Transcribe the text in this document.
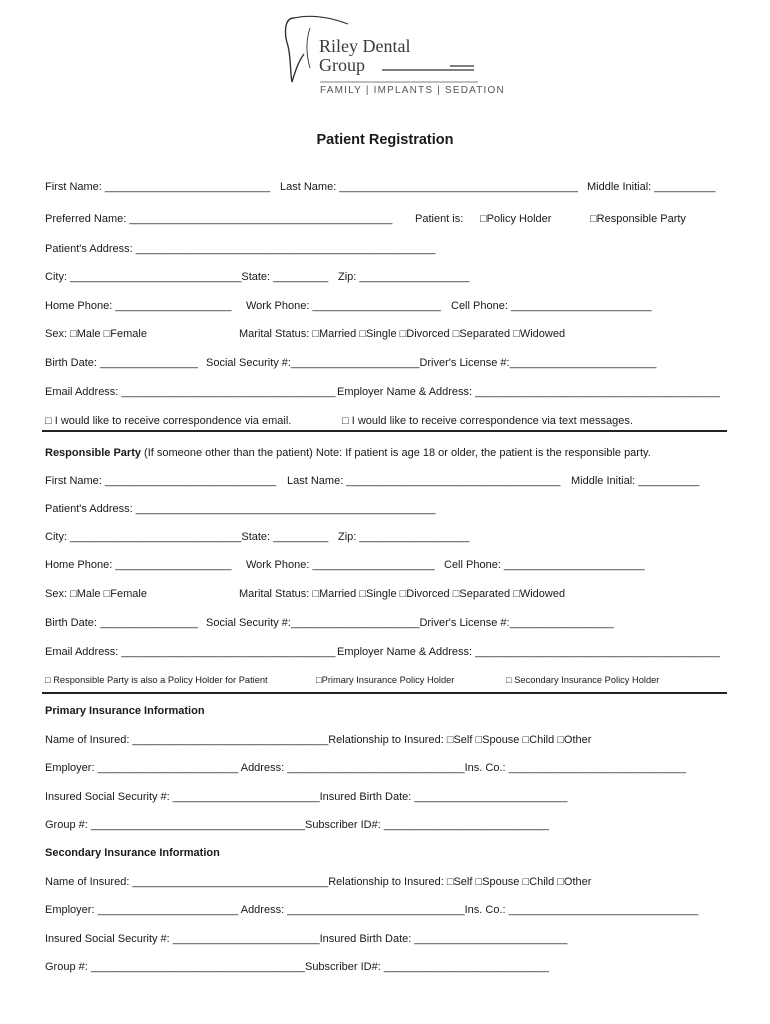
Riley Dental
Group
FAMILY | IMPLANTS | SEDATION
Patient Registration
First Name: ___________________________ Last Name: _______________________________________ Middle Initial: __________
Preferred Name: ___________________________________________ Patient is: □Policy Holder	□Responsible Party
Patient's Address: _________________________________________________
City: ____________________________State: _________ Zip: __________________
Home Phone: ___________________ Work Phone: _____________________ Cell Phone: _______________________
Sex: □Male □Female	Marital Status: □Married □Single □Divorced □Separated □Widowed
Birth Date: ________________ Social Security #:_____________________Driver's License #:________________________
Email Address: ___________________________________ Employer Name & Address: ________________________________________
□ I would like to receive correspondence via email.	□ I would like to receive correspondence via text messages.
Responsible Party (If someone other than the patient) Note: If patient is age 18 or older, the patient is the responsible party.
First Name: ____________________________ Last Name: ___________________________________ Middle Initial: __________
Patient's Address: _________________________________________________
City: ____________________________State: _________ Zip: __________________
Home Phone: ___________________ Work Phone: ____________________ Cell Phone: _______________________
Sex: □Male □Female	Marital Status: □Married □Single □Divorced □Separated □Widowed
Birth Date: ________________ Social Security #:_____________________Driver's License #:_________________
Email Address: ___________________________________ Employer Name & Address: ________________________________________
□ Responsible Party is also a Policy Holder for Patient	□Primary Insurance Policy Holder	□ Secondary Insurance Policy Holder
Primary Insurance Information
Name of Insured: ________________________________Relationship to Insured: □Self □Spouse □Child □Other
Employer: _______________________ Address: _____________________________Ins. Co.: _____________________________
Insured Social Security #: ________________________Insured Birth Date: _________________________
Group #: ___________________________________Subscriber ID#: ___________________________
Secondary Insurance Information
Name of Insured: ________________________________Relationship to Insured: □Self □Spouse □Child □Other
Employer: _______________________ Address: _____________________________Ins. Co.: _______________________________
Insured Social Security #: ________________________Insured Birth Date: _________________________
Group #: ___________________________________Subscriber ID#: ___________________________
